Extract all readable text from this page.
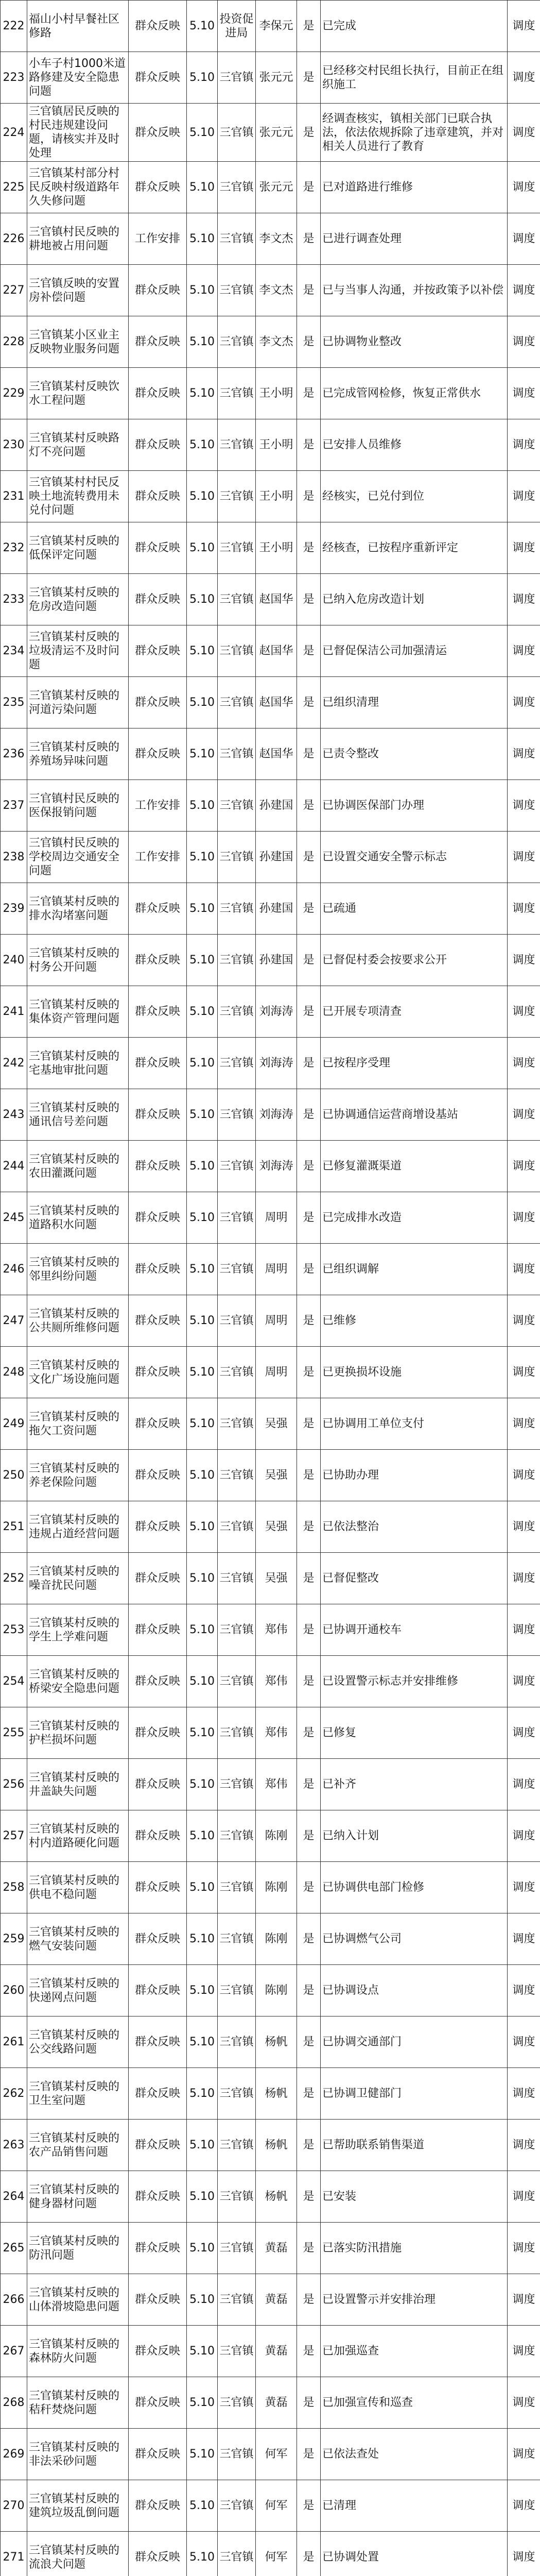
222	福山小村早餐社区修路	群众反映	5.10	投资促进局	李保元	是	已完成	调度
223	小车子村1000米道路修建及安全隐患问题	群众反映	5.10	三官镇	张元元	是	已经移交村民组长执行，目前正在组织施工	调度
224	三官镇居民反映的村民违规建设问题，请核实并及时处理	群众反映	5.10	三官镇	张元元	是	经调查核实，镇相关部门已联合执法，依法依规拆除了违章建筑，并对相关人员进行了教育	调度
225	三官镇某村部分村民反映村级道路年久失修问题	群众反映	5.10	三官镇	张元元	是	已对道路进行维修	调度
226	三官镇村民反映的耕地被占用问题	工作安排	5.10	三官镇	李文杰	是	已进行调查处理	调度
227	三官镇反映的安置房补偿问题	群众反映	5.10	三官镇	李文杰	是	已与当事人沟通，并按政策予以补偿	调度
228	三官镇某小区业主反映物业服务问题	群众反映	5.10	三官镇	李文杰	是	已协调物业整改	调度
229	三官镇某村反映饮水工程问题	群众反映	5.10	三官镇	王小明	是	已完成管网检修，恢复正常供水	调度
230	三官镇某村反映路灯不亮问题	群众反映	5.10	三官镇	王小明	是	已安排人员维修	调度
231	三官镇某村村民反映土地流转费用未兑付问题	群众反映	5.10	三官镇	王小明	是	经核实，已兑付到位	调度
232	三官镇某村反映的低保评定问题	群众反映	5.10	三官镇	王小明	是	经核查，已按程序重新评定	调度
233	三官镇某村反映的危房改造问题	群众反映	5.10	三官镇	赵国华	是	已纳入危房改造计划	调度
234	三官镇某村反映的垃圾清运不及时问题	群众反映	5.10	三官镇	赵国华	是	已督促保洁公司加强清运	调度
235	三官镇某村反映的河道污染问题	群众反映	5.10	三官镇	赵国华	是	已组织清理	调度
236	三官镇某村反映的养殖场异味问题	群众反映	5.10	三官镇	赵国华	是	已责令整改	调度
237	三官镇村民反映的医保报销问题	工作安排	5.10	三官镇	孙建国	是	已协调医保部门办理	调度
238	三官镇村民反映的学校周边交通安全问题	工作安排	5.10	三官镇	孙建国	是	已设置交通安全警示标志	调度
239	三官镇某村反映的排水沟堵塞问题	群众反映	5.10	三官镇	孙建国	是	已疏通	调度
240	三官镇某村反映的村务公开问题	群众反映	5.10	三官镇	孙建国	是	已督促村委会按要求公开	调度
241	三官镇某村反映的集体资产管理问题	群众反映	5.10	三官镇	刘海涛	是	已开展专项清查	调度
242	三官镇某村反映的宅基地审批问题	群众反映	5.10	三官镇	刘海涛	是	已按程序受理	调度
243	三官镇某村反映的通讯信号差问题	群众反映	5.10	三官镇	刘海涛	是	已协调通信运营商增设基站	调度
244	三官镇某村反映的农田灌溉问题	群众反映	5.10	三官镇	刘海涛	是	已修复灌溉渠道	调度
245	三官镇某村反映的道路积水问题	群众反映	5.10	三官镇	周明	是	已完成排水改造	调度
246	三官镇某村反映的邻里纠纷问题	群众反映	5.10	三官镇	周明	是	已组织调解	调度
247	三官镇某村反映的公共厕所维修问题	群众反映	5.10	三官镇	周明	是	已维修	调度
248	三官镇某村反映的文化广场设施问题	群众反映	5.10	三官镇	周明	是	已更换损坏设施	调度
249	三官镇某村反映的拖欠工资问题	群众反映	5.10	三官镇	吴强	是	已协调用工单位支付	调度
250	三官镇某村反映的养老保险问题	群众反映	5.10	三官镇	吴强	是	已协助办理	调度
251	三官镇某村反映的违规占道经营问题	群众反映	5.10	三官镇	吴强	是	已依法整治	调度
252	三官镇某村反映的噪音扰民问题	群众反映	5.10	三官镇	吴强	是	已督促整改	调度
253	三官镇某村反映的学生上学难问题	群众反映	5.10	三官镇	郑伟	是	已协调开通校车	调度
254	三官镇某村反映的桥梁安全隐患问题	群众反映	5.10	三官镇	郑伟	是	已设置警示标志并安排维修	调度
255	三官镇某村反映的护栏损坏问题	群众反映	5.10	三官镇	郑伟	是	已修复	调度
256	三官镇某村反映的井盖缺失问题	群众反映	5.10	三官镇	郑伟	是	已补齐	调度
257	三官镇某村反映的村内道路硬化问题	群众反映	5.10	三官镇	陈刚	是	已纳入计划	调度
258	三官镇某村反映的供电不稳问题	群众反映	5.10	三官镇	陈刚	是	已协调供电部门检修	调度
259	三官镇某村反映的燃气安装问题	群众反映	5.10	三官镇	陈刚	是	已协调燃气公司	调度
260	三官镇某村反映的快递网点问题	群众反映	5.10	三官镇	陈刚	是	已协调设点	调度
261	三官镇某村反映的公交线路问题	群众反映	5.10	三官镇	杨帆	是	已协调交通部门	调度
262	三官镇某村反映的卫生室问题	群众反映	5.10	三官镇	杨帆	是	已协调卫健部门	调度
263	三官镇某村反映的农产品销售问题	群众反映	5.10	三官镇	杨帆	是	已帮助联系销售渠道	调度
264	三官镇某村反映的健身器材问题	群众反映	5.10	三官镇	杨帆	是	已安装	调度
265	三官镇某村反映的防汛问题	群众反映	5.10	三官镇	黄磊	是	已落实防汛措施	调度
266	三官镇某村反映的山体滑坡隐患问题	群众反映	5.10	三官镇	黄磊	是	已设置警示并安排治理	调度
267	三官镇某村反映的森林防火问题	群众反映	5.10	三官镇	黄磊	是	已加强巡查	调度
268	三官镇某村反映的秸秆焚烧问题	群众反映	5.10	三官镇	黄磊	是	已加强宣传和巡查	调度
269	三官镇某村反映的非法采砂问题	群众反映	5.10	三官镇	何军	是	已依法查处	调度
270	三官镇某村反映的建筑垃圾乱倒问题	群众反映	5.10	三官镇	何军	是	已清理	调度
271	三官镇某村反映的流浪犬问题	群众反映	5.10	三官镇	何军	是	已协调处置	调度
